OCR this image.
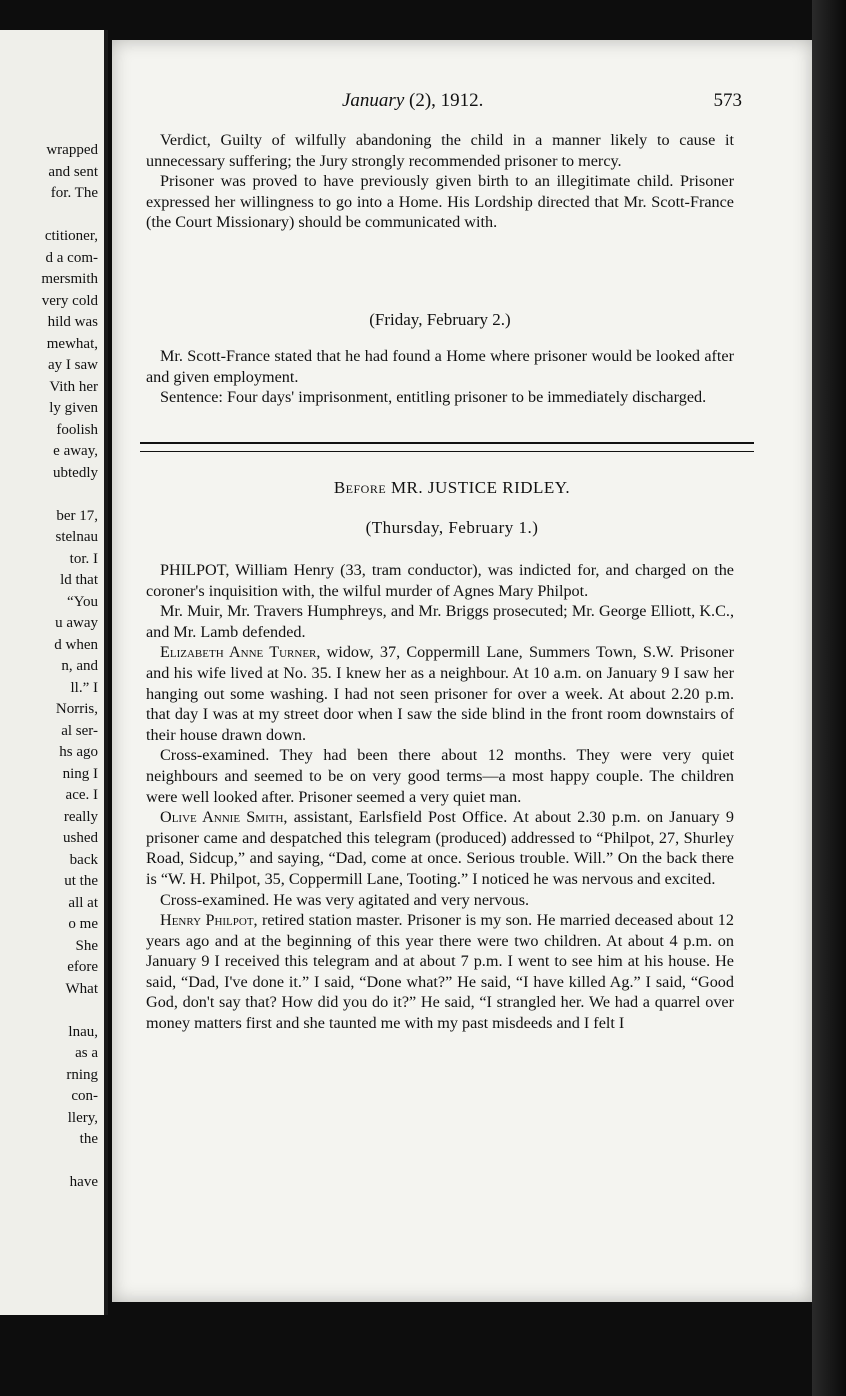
wrapped
and sent
for. The
ctitioner,
d a com-
mersmith
very cold
hild was
mewhat,
ay I saw
Vith her
ly given
foolish
e away,
ubtedly
ber 17,
stelnau
tor. I
ld that
“You
u away
d when
n, and
ll.” I
Norris,
al ser-
hs ago
ning I
ace. I
really
ushed
back
ut the
all at
o me
She
efore
What
lnau,
as a
rning
con-
llery,
the
have
January (2), 1912.	573

Verdict, Guilty of wilfully abandoning the child in a manner likely to cause it unnecessary suffering; the Jury strongly recommended prisoner to mercy.

Prisoner was proved to have previously given birth to an illegitimate child. Prisoner expressed her willingness to go into a Home. His Lordship directed that Mr. Scott-France (the Court Missionary) should be communicated with.

(Friday, February 2.)

Mr. Scott-France stated that he had found a Home where prisoner would be looked after and given employment.

Sentence: Four days' imprisonment, entitling prisoner to be immediately discharged.

Before MR. JUSTICE RIDLEY.
(Thursday, February 1.)

PHILPOT, William Henry (33, tram conductor), was indicted for, and charged on the coroner's inquisition with, the wilful murder of Agnes Mary Philpot.

Mr. Muir, Mr. Travers Humphreys, and Mr. Briggs prosecuted; Mr. George Elliott, K.C., and Mr. Lamb defended.

Elizabeth Anne Turner, widow, 37, Coppermill Lane, Summers Town, S.W. Prisoner and his wife lived at No. 35. I knew her as a neighbour. At 10 a.m. on January 9 I saw her hanging out some washing. I had not seen prisoner for over a week. At about 2.20 p.m. that day I was at my street door when I saw the side blind in the front room downstairs of their house drawn down.

Cross-examined. They had been there about 12 months. They were very quiet neighbours and seemed to be on very good terms—a most happy couple. The children were well looked after. Prisoner seemed a very quiet man.

Olive Annie Smith, assistant, Earlsfield Post Office. At about 2.30 p.m. on January 9 prisoner came and despatched this telegram (produced) addressed to “Philpot, 27, Shurley Road, Sidcup,” and saying, “Dad, come at once. Serious trouble. Will.” On the back there is “W. H. Philpot, 35, Coppermill Lane, Tooting.” I noticed he was nervous and excited.

Cross-examined. He was very agitated and very nervous.

Henry Philpot, retired station master. Prisoner is my son. He married deceased about 12 years ago and at the beginning of this year there were two children. At about 4 p.m. on January 9 I received this telegram and at about 7 p.m. I went to see him at his house. He said, “Dad, I've done it.” I said, “Done what?” He said, “I have killed Ag.” I said, “Good God, don't say that? How did you do it?” He said, “I strangled her. We had a quarrel over money matters first and she taunted me with my past misdeeds and I felt I
